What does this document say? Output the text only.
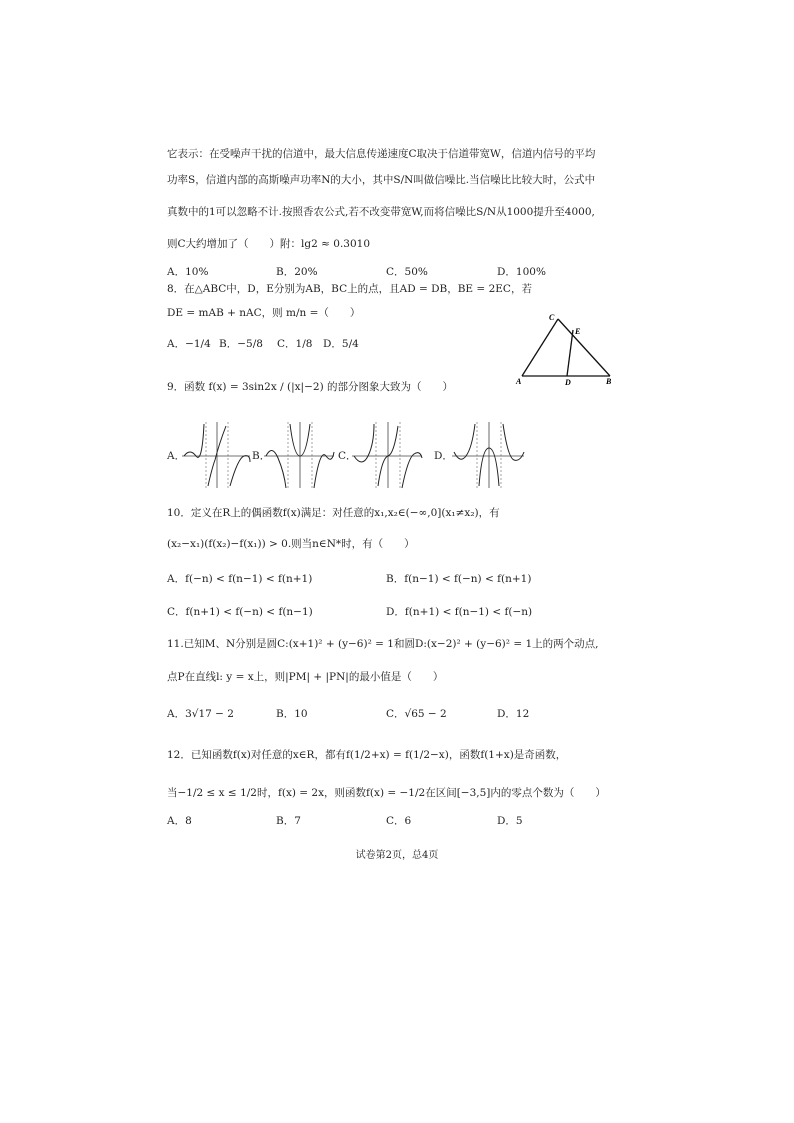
它表示：在受噪声干扰的信道中，最大信息传递速度C取决于信道带宽W，信道内信号的平均
功率S，信道内部的高斯噪声功率N的大小，其中S/N叫做信噪比.当信噪比比较大时，公式中
真数中的1可以忽略不计.按照香农公式,若不改变带宽W,而将信噪比S/N从1000提升至4000,
则C大约增加了（　　）附：lg2 ≈ 0.3010
A．10%	B．20%	C．50%	D．100%
8．在△ABC中，D，E分别为AB，BC上的点，且AD = DB，BE = 2EC，若
DE = mAB + nAC，则 m/n =（　　）
A．−1/4 B．−5/8 C．1/8 D．5/4
C
E
A	D	B
9．函数 f(x) = 3sin2x / (|x|−2) 的部分图象大致为（　　）
A．	B．	C．	D．
10．定义在R上的偶函数f(x)满足：对任意的x₁,x₂∈(−∞,0](x₁≠x₂)，有
(x₂−x₁)(f(x₂)−f(x₁)) > 0.则当n∈N*时，有（　　）
A．f(−n) < f(n−1) < f(n+1)	B．f(n−1) < f(−n) < f(n+1)
C．f(n+1) < f(−n) < f(n−1)	D．f(n+1) < f(n−1) < f(−n)
11.已知M、N分别是圆C:(x+1)² + (y−6)² = 1和圆D:(x−2)² + (y−6)² = 1上的两个动点,
点P在直线l: y = x上，则|PM| + |PN|的最小值是（　　）
A．3√17 − 2	B．10	C．√65 − 2	D．12
12．已知函数f(x)对任意的x∈R，都有f(1/2+x) = f(1/2−x)，函数f(1+x)是奇函数，
当−1/2 ≤ x ≤ 1/2时，f(x) = 2x，则函数f(x) = −1/2在区间[−3,5]内的零点个数为（　　）
A．8	B．7	C．6	D．5
试卷第2页，总4页
